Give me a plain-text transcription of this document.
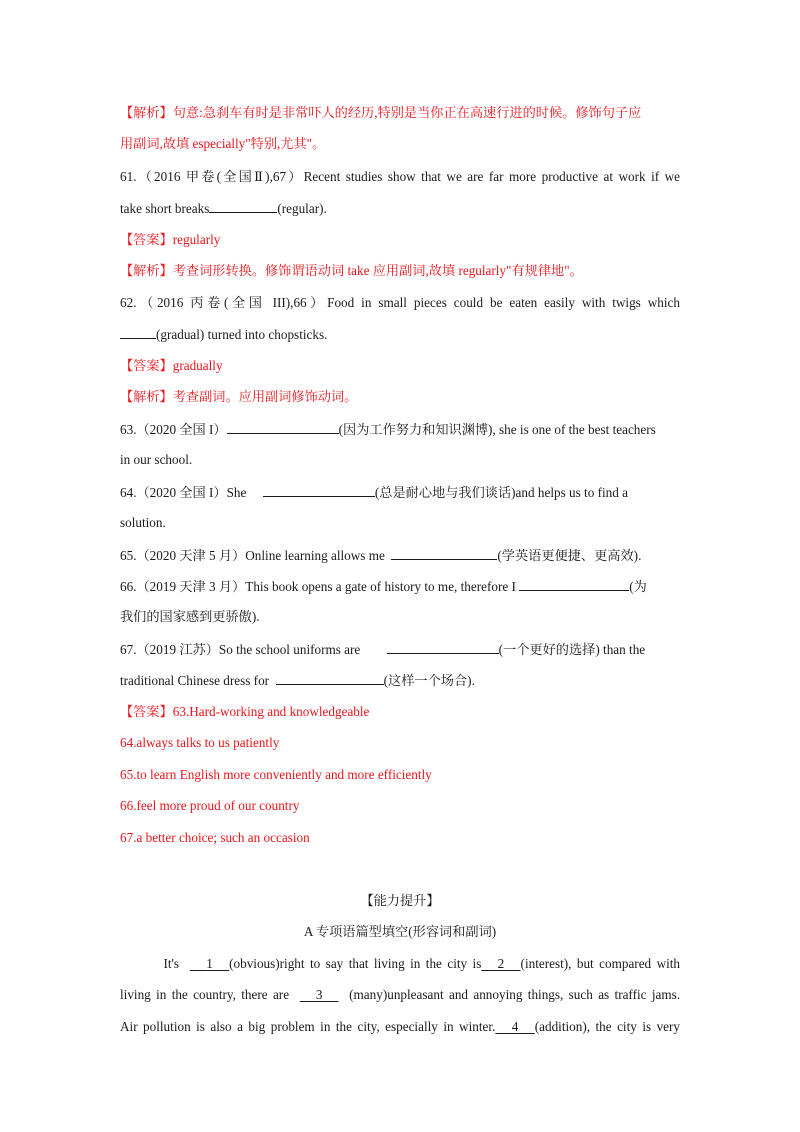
【解析】句意:急刹车有时是非常吓人的经历,特别是当你正在高速行进的时候。修饰句子应
用副词,故填 especially"特别,尤其"。
61.（2016 甲卷(全国Ⅱ),67）Recent studies show that we are far more productive at work if we
take short breaks	(regular).
【答案】regularly
【解析】考查词形转换。修饰谓语动词 take 应用副词,故填 regularly"有规律地"。
62.（2016 丙卷(全国 III),66）Food in small pieces could be eaten easily with twigs which
(gradual) turned into chopsticks.
【答案】gradually
【解析】考查副词。应用副词修饰动词。
63.（2020 全国 I）	(因为工作努力和知识渊博), she is one of the best teachers
in our school.
64.（2020 全国 I）She	(总是耐心地与我们谈话)and helps us to find a
solution.
65.（2020 天津 5 月）Online learning allows me	(学英语更便捷、更高效).
66.（2019 天津 3 月）This book opens a gate of history to me, therefore I	(为
我们的国家感到更骄傲).
67.（2019 江苏）So the school uniforms are	(一个更好的选择) than the
traditional Chinese dress for	(这样一个场合).
【答案】63.Hard-working and knowledgeable
64.always talks to us patiently
65.to learn English more conveniently and more efficiently
66.feel more proud of our country
67.a better choice; such an occasion
【能力提升】
A 专项语篇型填空(形容词和副词)
It's 1 (obvious)right to say that living in the city is 2 (interest), but compared with
living in the country, there are 3 (many)unpleasant and annoying things, such as traffic jams.
Air pollution is also a big problem in the city, especially in winter. 4 (addition), the city is very
